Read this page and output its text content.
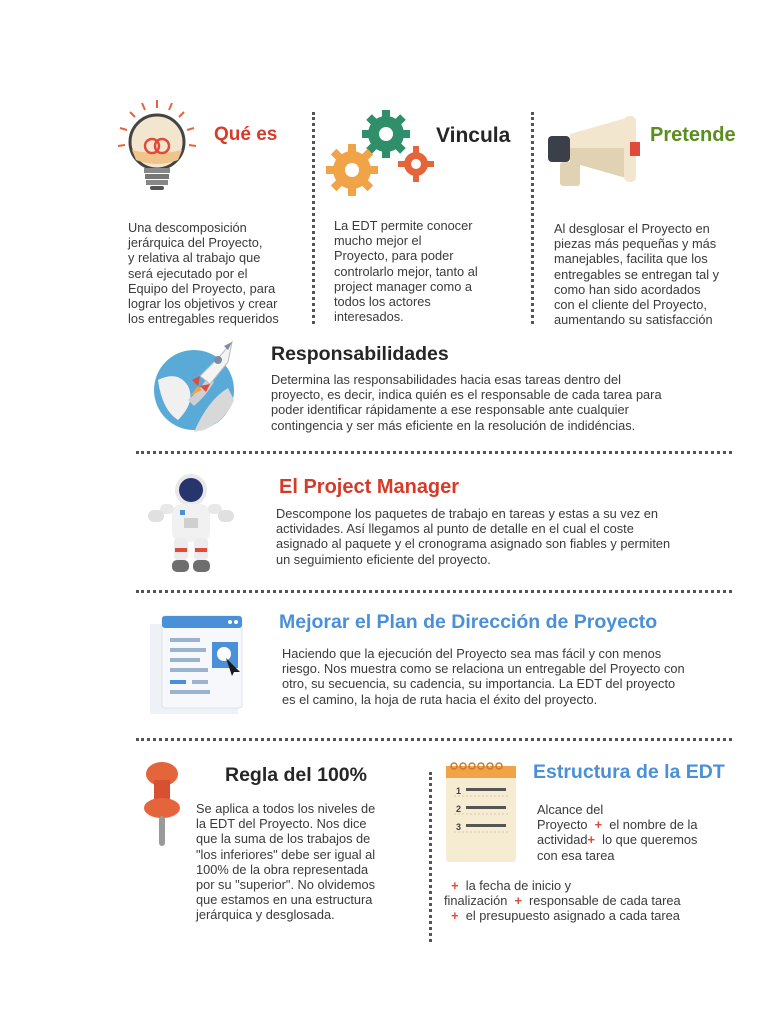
Qué es
Una descomposición
jerárquica del Proyecto,
y relativa al trabajo que
será ejecutado por el
Equipo del Proyecto, para
lograr los objetivos y crear
los entregables requeridos
Vincula
La EDT permite conocer
mucho mejor el
Proyecto, para poder
controlarlo mejor, tanto al
project manager como a
todos los actores
interesados.
Pretende
Al desglosar el Proyecto en
piezas más pequeñas y más
manejables, facilita que los
entregables se entregan tal y
como han sido acordados
con el cliente del Proyecto,
aumentando su satisfacción
Responsabilidades
Determina las responsabilidades hacia esas tareas dentro del
proyecto, es decir, indica quién es el responsable de cada tarea para
poder identificar rápidamente a ese responsable ante cualquier
contingencia y ser más eficiente en la resolución de indidéncias.
El Project Manager
Descompone los paquetes de trabajo en tareas y estas a su vez en
actividades. Así llegamos al punto de detalle en el cual el coste
asignado al paquete y el cronograma asignado son fiables y permiten
un seguimiento eficiente del proyecto.
Mejorar el Plan de Dirección de Proyecto
Haciendo que la ejecución del Proyecto sea mas fácil y con menos
riesgo. Nos muestra como se relaciona un entregable del Proyecto con
otro, su secuencia, su cadencia, su importancia. La EDT del proyecto
es el camino, la hoja de ruta hacia el éxito del proyecto.
Regla del 100%
Se aplica a todos los niveles de
la EDT del Proyecto. Nos dice
que la suma de los trabajos de
"los inferiores" debe ser igual al
100% de la obra representada
por su "superior". No olvidemos
que estamos en una estructura
jerárquica y desglosada.
1
2
3
Estructura de la EDT
Alcance del
Proyecto + el nombre de la
actividad+ lo que queremos
con esa tarea
+ la fecha de inicio y
finalización + responsable de cada tarea
+ el presupuesto asignado a cada tarea
